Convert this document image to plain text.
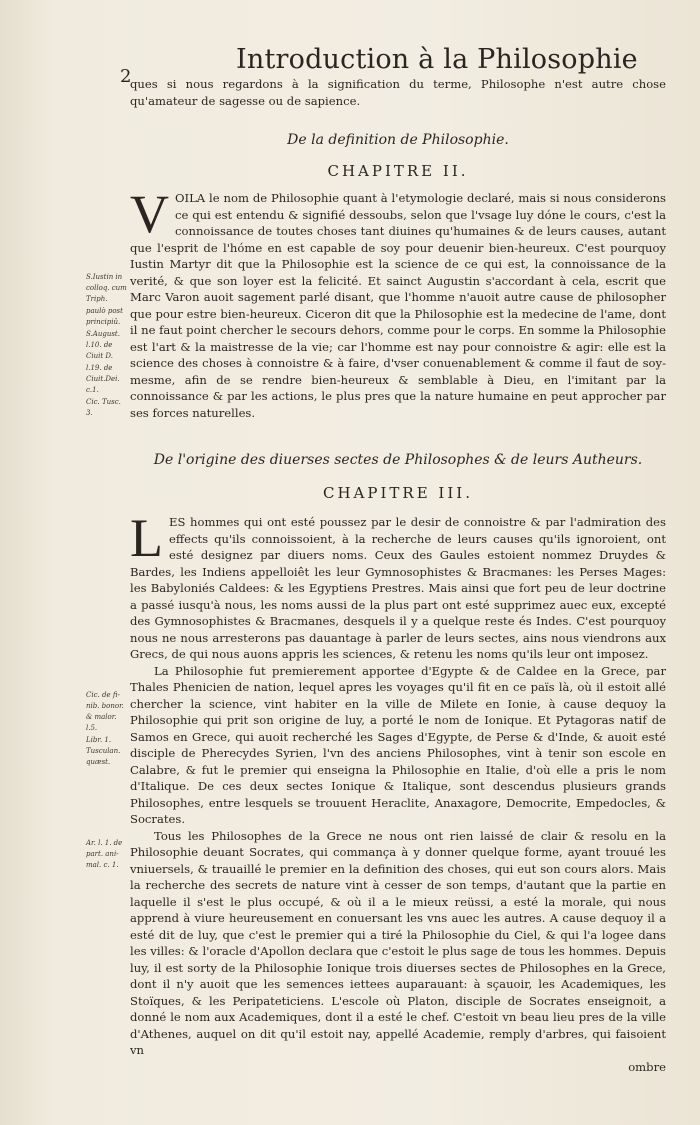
2
Introduction à la Philosophie

ques si nous regardons à la signification du terme, Philosophe n'est autre chose qu'amateur de sagesse ou de sapience.

De la definition de Philosophie.
CHAPITRE II.
V OILA le nom de Philosophie quant à l'etymologie declaré, mais si nous considerons ce qui est entendu & signifié dessoubs, selon que l'vsage luy dóne le cours, c'est la connoissance de toutes choses tant diuines qu'humaines & de leurs causes, autant que l'esprit de l'hóme en est capable de soy pour deuenir bien-heureux. C'est pourquoy Iustin Martyr dit que la Philosophie est la science de ce qui est, la connoissance de la verité, & que son loyer est la felicité. Et sainct Augustin s'accordant à cela, escrit que Marc Varon auoit sagement parlé disant, que l'homme n'auoit autre cause de philosopher que pour estre bien-heureux. Ciceron dit que la Philosophie est la medecine de l'ame, dont il ne faut point chercher le secours dehors, comme pour le corps. En somme la Philosophie est l'art & la maistresse de la vie; car l'homme est nay pour connoistre & agir: elle est la science des choses à connoistre & à faire, d'vser conuenablement & comme il faut de soy-mesme, afin de se rendre bien-heureux & semblable à Dieu, en l'imitant par la connoissance & par les actions, le plus pres que la nature humaine en peut approcher par ses forces naturelles.

S.Iustin in colloq. cum Triph.
paulò post principiû.
S.August. l.10. de Ciuit D.
l.19. de Ciuit.Dei. c.1.
Cic. Tusc. 3.
De l'origine des diuerses sectes de Philosophes & de leurs Autheurs.
CHAPITRE III.
L ES hommes qui ont esté poussez par le desir de connoistre & par l'admiration des effects qu'ils connoissoient, à la recherche de leurs causes qu'ils ignoroient, ont esté designez par diuers noms. Ceux des Gaules estoient nommez Druydes & Bardes, les Indiens appelloiêt les leur Gymnosophistes & Bracmanes: les Perses Mages: les Babyloniés Caldees: & les Egyptiens Prestres. Mais ainsi que fort peu de leur doctrine a passé iusqu'à nous, les noms aussi de la plus part ont esté supprimez auec eux, excepté des Gymnosophistes & Bracmanes, desquels il y a quelque reste és Indes. C'est pourquoy nous ne nous arresterons pas dauantage à parler de leurs sectes, ains nous viendrons aux Grecs, de qui nous auons appris les sciences, & retenu les noms qu'ils leur ont imposez.

La Philosophie fut premierement apportee d'Egypte & de Caldee en la Grece, par Thales Phenicien de nation, lequel apres les voyages qu'il fit en ce païs là, où il estoit allé chercher la science, vint habiter en la ville de Milete en Ionie, à cause dequoy la Philosophie qui prit son origine de luy, a porté le nom de Ionique. Et Pytagoras natif de Samos en Grece, qui auoit recherché les Sages d'Egypte, de Perse & d'Inde, & auoit esté disciple de Pherecydes Syrien, l'vn des anciens Philosophes, vint à tenir son escole en Calabre, & fut le premier qui enseigna la Philosophie en Italie, d'où elle a pris le nom d'Italique. De ces deux sectes Ionique & Italique, sont descendus plusieurs grands Philosophes, entre lesquels se trouuent Heraclite, Anaxagore, Democrite, Empedocles, & Socrates.

Tous les Philosophes de la Grece ne nous ont rien laissé de clair & resolu en la Philosophie deuant Socrates, qui commança à y donner quelque forme, ayant trouué les vniuersels, & trauaillé le premier en la definition des choses, qui eut son cours alors. Mais la recherche des secrets de nature vint à cesser de son temps, d'autant que la partie en laquelle il s'est le plus occupé, & où il a le mieux reüssi, a esté la morale, qui nous apprend à viure heureusement en conuersant les vns auec les autres. A cause dequoy il a esté dit de luy, que c'est le premier qui a tiré la Philosophie du Ciel, & qui l'a logee dans les villes: & l'oracle d'Apollon declara que c'estoit le plus sage de tous les hommes. Depuis luy, il est sorty de la Philosophie Ionique trois diuerses sectes de Philosophes en la Grece, dont il n'y auoit que les semences iettees auparauant: à sçauoir, les Academiques, les Stoïques, & les Peripateticiens. L'escole où Platon, disciple de Socrates enseignoit, a donné le nom aux Academiques, dont il a esté le chef. C'estoit vn beau lieu pres de la ville d'Athenes, auquel on dit qu'il estoit nay, appellé Academie, remply d'arbres, qui faisoient vn

ombre

Cic. de fi-nib. bonor. & malor. l.5.
Libr. 1. Tusculan. quæst.
Ar. l. 1. de part. ani-mal. c. 1.
